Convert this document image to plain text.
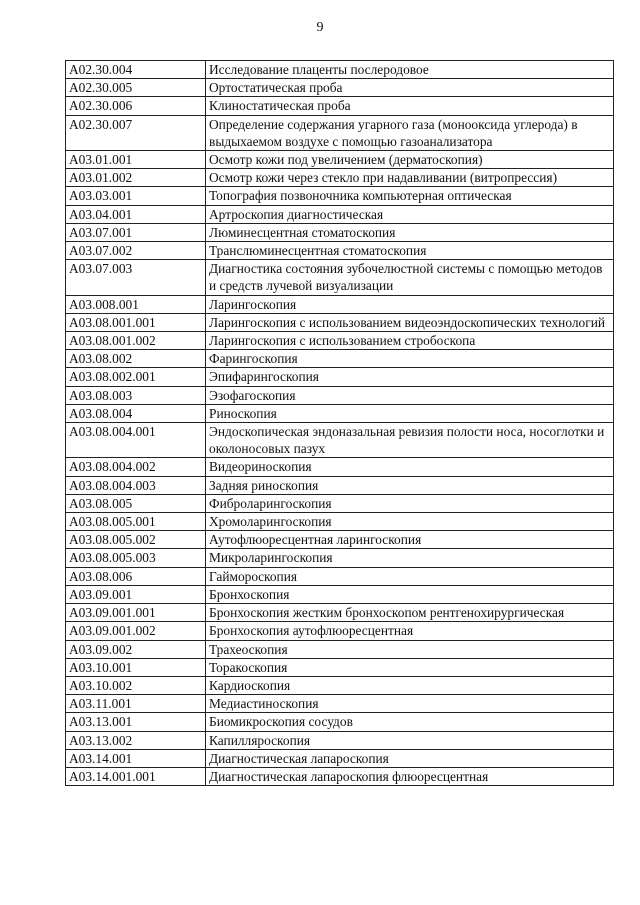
9
A02.30.004	Исследование плаценты послеродовое
A02.30.005	Ортостатическая проба
A02.30.006	Клиностатическая проба
A02.30.007	Определение содержания угарного газа (монооксида углерода) в выдыхаемом воздухе с помощью газоанализатора
A03.01.001	Осмотр кожи под увеличением (дерматоскопия)
A03.01.002	Осмотр кожи через стекло при надавливании (витропрессия)
A03.03.001	Топография позвоночника компьютерная оптическая
A03.04.001	Артроскопия диагностическая
A03.07.001	Люминесцентная стоматоскопия
A03.07.002	Транслюминесцентная стоматоскопия
A03.07.003	Диагностика состояния зубочелюстной системы с помощью методов и средств лучевой визуализации
A03.008.001	Ларингоскопия
A03.08.001.001	Ларингоскопия с использованием видеоэндоскопических технологий
A03.08.001.002	Ларингоскопия с использованием стробоскопа
A03.08.002	Фарингоскопия
A03.08.002.001	Эпифарингоскопия
A03.08.003	Эзофагоскопия
A03.08.004	Риноскопия
A03.08.004.001	Эндоскопическая эндоназальная ревизия полости носа, носоглотки и околоносовых пазух
A03.08.004.002	Видеориноскопия
A03.08.004.003	Задняя риноскопия
A03.08.005	Фиброларингоскопия
A03.08.005.001	Хромоларингоскопия
A03.08.005.002	Аутофлюоресцентная ларингоскопия
A03.08.005.003	Микроларингоскопия
A03.08.006	Гайморoскопия
A03.09.001	Бронхоскопия
A03.09.001.001	Бронхоскопия жестким бронхоскопом рентгенохирургическая
A03.09.001.002	Бронхоскопия аутофлюоресцентная
A03.09.002	Трахеоскопия
A03.10.001	Торакоскопия
A03.10.002	Кардиоскопия
A03.11.001	Медиастиноскопия
A03.13.001	Биомикроскопия сосудов
A03.13.002	Капилляроскопия
A03.14.001	Диагностическая лапароскопия
A03.14.001.001	Диагностическая лапароскопия флюоресцентная
